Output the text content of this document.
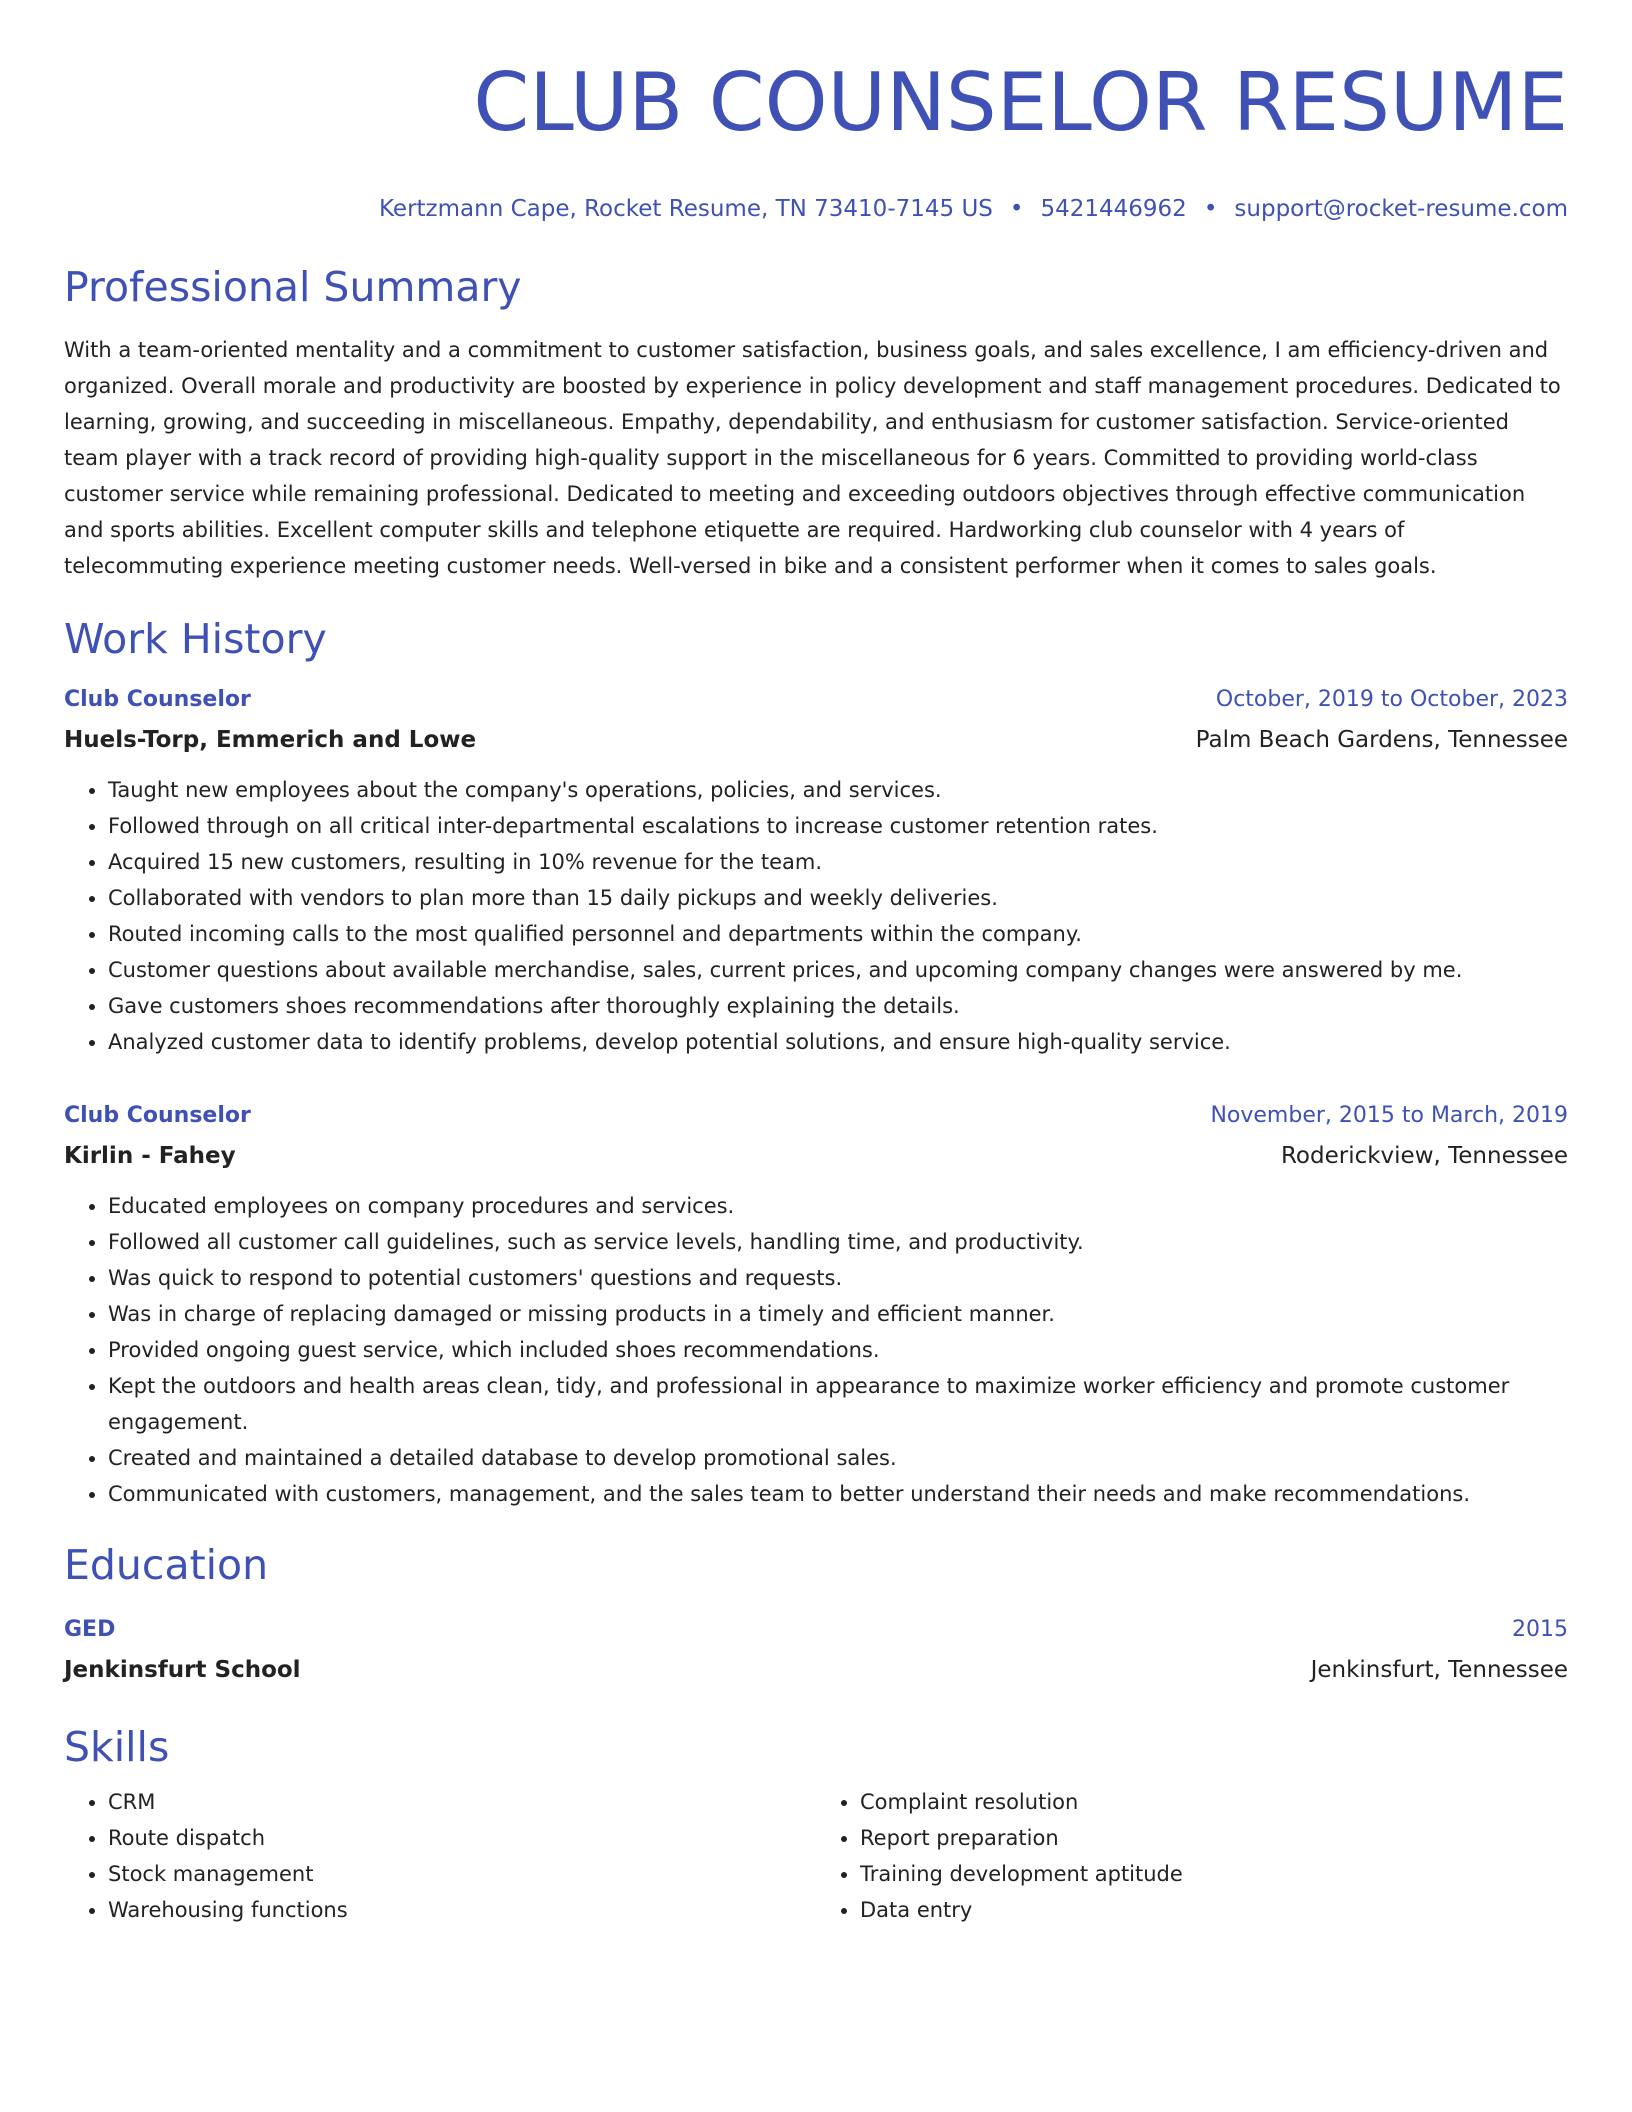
CLUB COUNSELOR RESUME
Kertzmann Cape, Rocket Resume, TN 73410-7145 US • 5421446962 • support@rocket-resume.com
Professional Summary
With a team-oriented mentality and a commitment to customer satisfaction, business goals, and sales excellence, I am efficiency-driven and organized. Overall morale and productivity are boosted by experience in policy development and staff management procedures. Dedicated to learning, growing, and succeeding in miscellaneous. Empathy, dependability, and enthusiasm for customer satisfaction. Service-oriented team player with a track record of providing high-quality support in the miscellaneous for 6 years. Committed to providing world-class customer service while remaining professional. Dedicated to meeting and exceeding outdoors objectives through effective communication and sports abilities. Excellent computer skills and telephone etiquette are required. Hardworking club counselor with 4 years of telecommuting experience meeting customer needs. Well-versed in bike and a consistent performer when it comes to sales goals.
Work History
Club Counselor	October, 2019 to October, 2023
Huels-Torp, Emmerich and Lowe	Palm Beach Gardens, Tennessee
• Taught new employees about the company's operations, policies, and services.
• Followed through on all critical inter-departmental escalations to increase customer retention rates.
• Acquired 15 new customers, resulting in 10% revenue for the team.
• Collaborated with vendors to plan more than 15 daily pickups and weekly deliveries.
• Routed incoming calls to the most qualified personnel and departments within the company.
• Customer questions about available merchandise, sales, current prices, and upcoming company changes were answered by me.
• Gave customers shoes recommendations after thoroughly explaining the details.
• Analyzed customer data to identify problems, develop potential solutions, and ensure high-quality service.
Club Counselor	November, 2015 to March, 2019
Kirlin - Fahey	Roderickview, Tennessee
• Educated employees on company procedures and services.
• Followed all customer call guidelines, such as service levels, handling time, and productivity.
• Was quick to respond to potential customers' questions and requests.
• Was in charge of replacing damaged or missing products in a timely and efficient manner.
• Provided ongoing guest service, which included shoes recommendations.
• Kept the outdoors and health areas clean, tidy, and professional in appearance to maximize worker efficiency and promote customer engagement.
• Created and maintained a detailed database to develop promotional sales.
• Communicated with customers, management, and the sales team to better understand their needs and make recommendations.
Education
GED	2015
Jenkinsfurt School	Jenkinsfurt, Tennessee
Skills
• CRM
• Route dispatch
• Stock management
• Warehousing functions
• Complaint resolution
• Report preparation
• Training development aptitude
• Data entry
